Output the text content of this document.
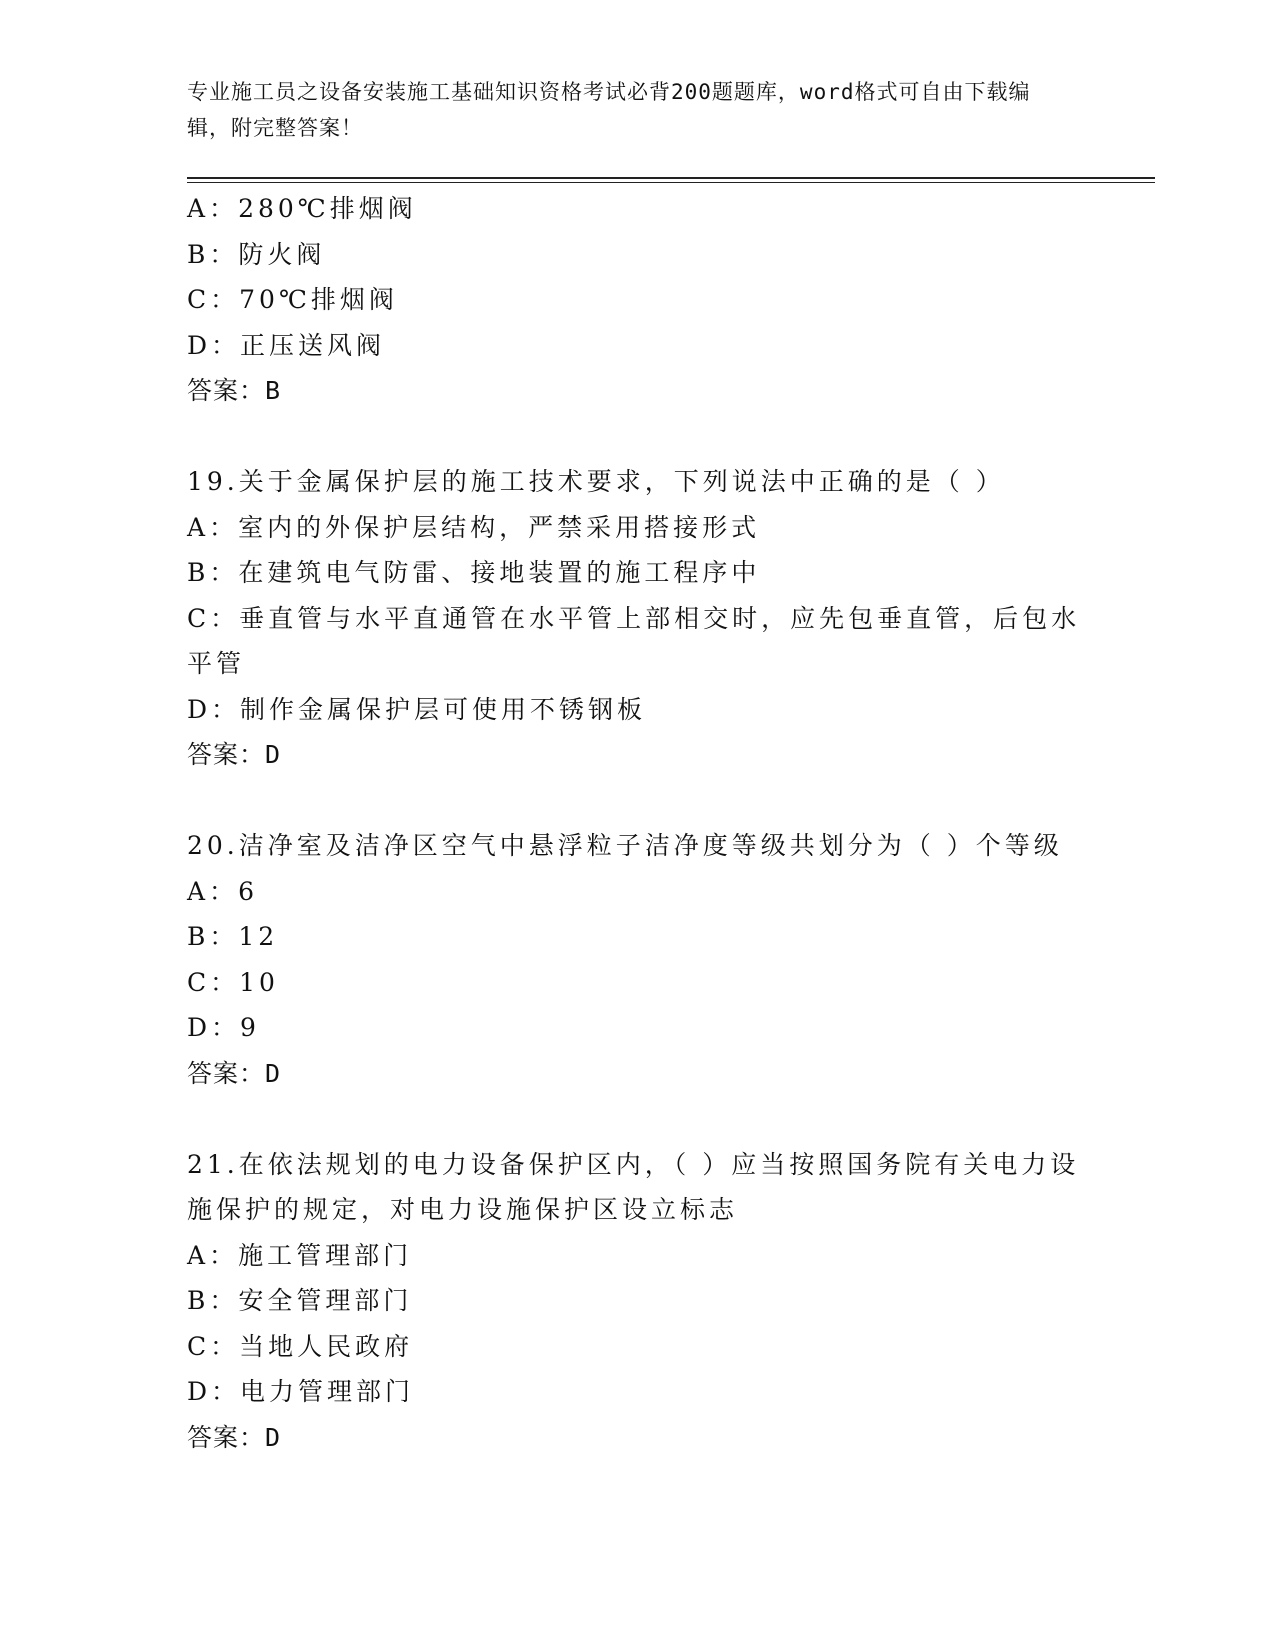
专业施工员之设备安装施工基础知识资格考试必背200题题库，word格式可自由下载编辑，附完整答案！
A：280℃排烟阀
B：防火阀
C：70℃排烟阀
D：正压送风阀
答案：B
19.关于金属保护层的施工技术要求，下列说法中正确的是（ ）
A：室内的外保护层结构，严禁采用搭接形式
B：在建筑电气防雷、接地装置的施工程序中
C：垂直管与水平直通管在水平管上部相交时，应先包垂直管，后包水平管
D：制作金属保护层可使用不锈钢板
答案：D
20.洁净室及洁净区空气中悬浮粒子洁净度等级共划分为（ ）个等级
A：6
B：12
C：10
D：9
答案：D
21.在依法规划的电力设备保护区内，（ ）应当按照国务院有关电力设施保护的规定，对电力设施保护区设立标志
A：施工管理部门
B：安全管理部门
C：当地人民政府
D：电力管理部门
答案：D
